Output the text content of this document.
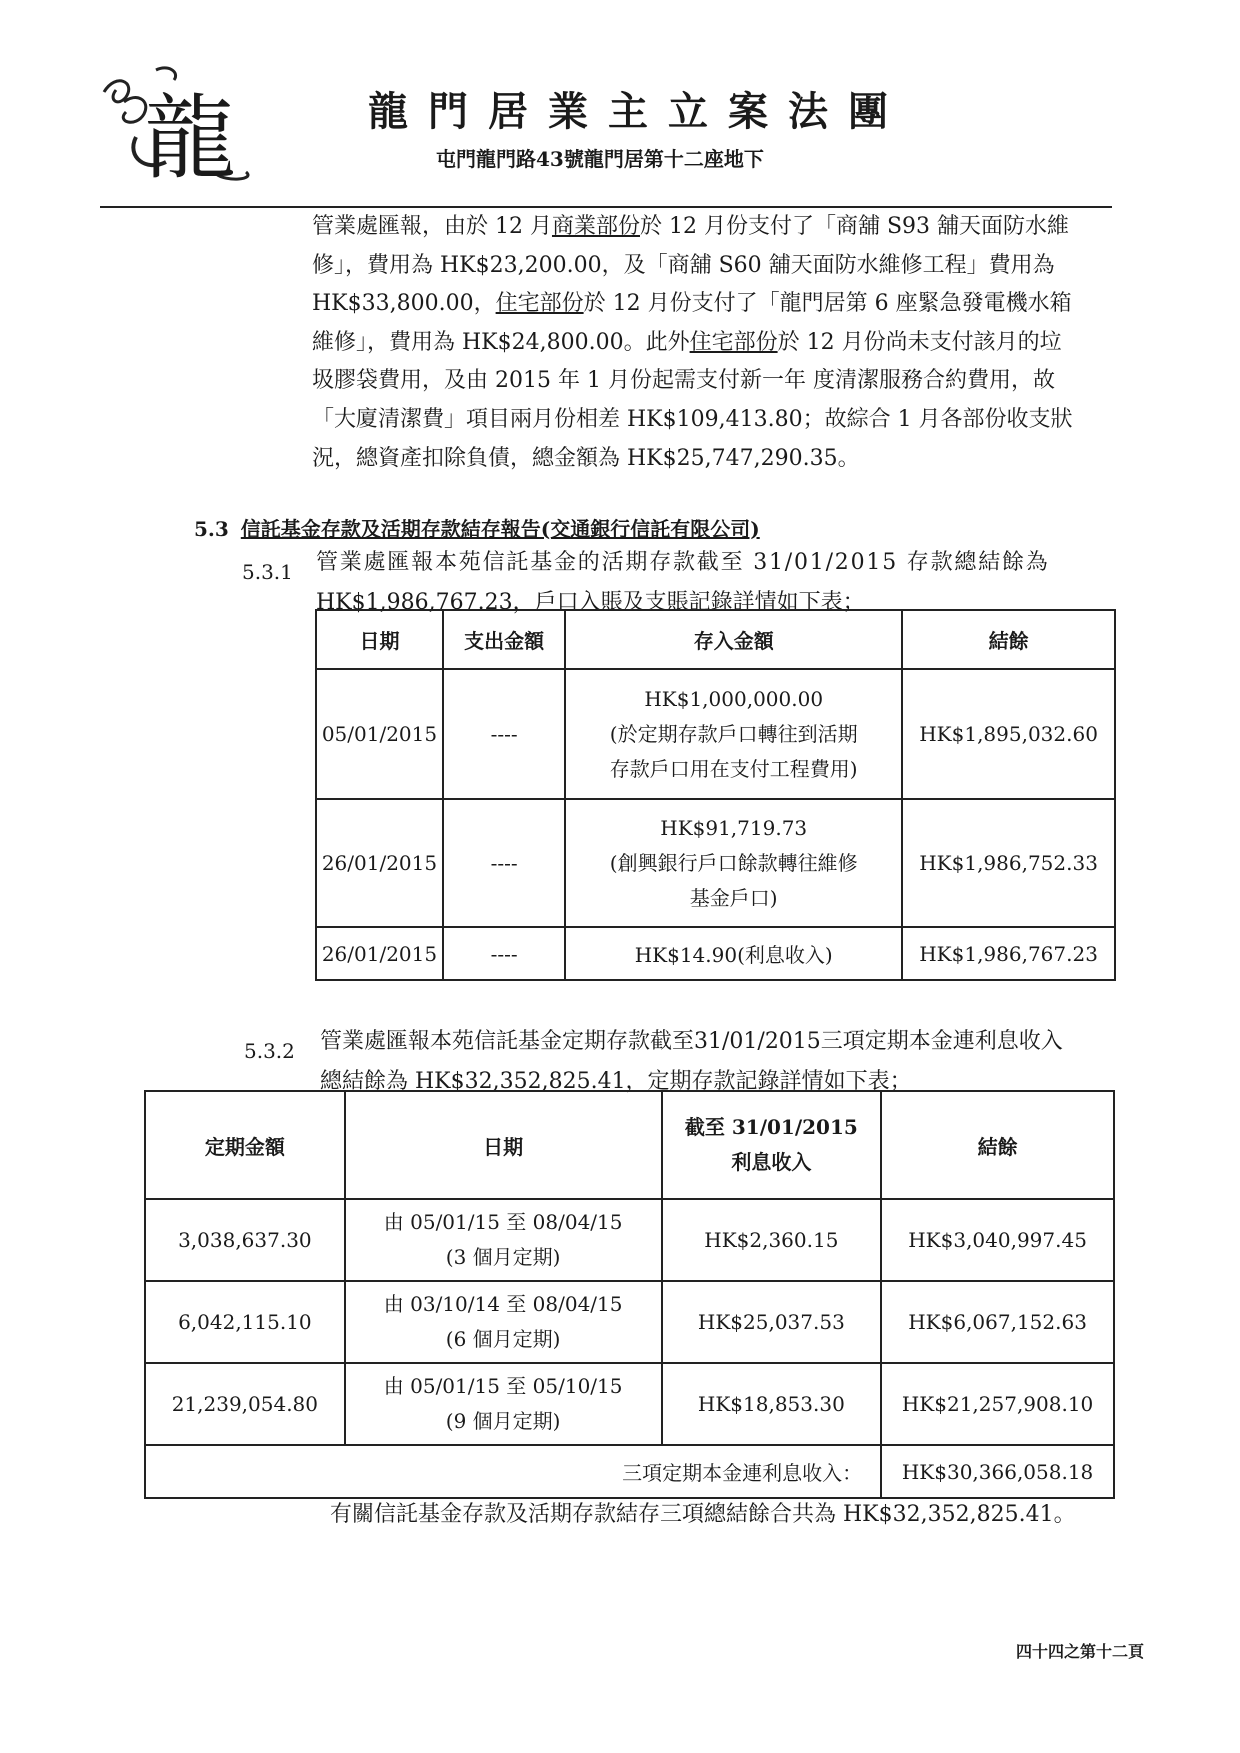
龍	龍門居業主立案法團
屯門龍門路43號龍門居第十二座地下

管業處匯報，由於 12 月商業部份於 12 月份支付了「商舖 S93 舖天面防水維

修」，費用為 HK$23,200.00，及「商舖 S60 舖天面防水維修工程」費用為

HK$33,800.00，住宅部份於 12 月份支付了「龍門居第 6 座緊急發電機水箱

維修」，費用為 HK$24,800.00。此外住宅部份於 12 月份尚未支付該月的垃

圾膠袋費用，及由 2015 年 1 月份起需支付新一年 度清潔服務合約費用，故

「大廈清潔費」項目兩月份相差 HK$109,413.80；故綜合 1 月各部份收支狀

況，總資產扣除負債，總金額為 HK$25,747,290.35。

5.3 信託基金存款及活期存款結存報告(交通銀行信託有限公司)
5.3.1 管業處匯報本苑信託基金的活期存款截至 31/01/2015 存款總結餘為
HK$1,986,767.23，戶口入賬及支賬記錄詳情如下表；
日期	支出金額	存入金額	結餘
05/01/2015	----	HK$1,000,000.00
(於定期存款戶口轉往到活期
存款戶口用在支付工程費用)	HK$1,895,032.60
26/01/2015	----	HK$91,719.73
(創興銀行戶口餘款轉往維修
基金戶口)	HK$1,986,752.33
26/01/2015	----	HK$14.90(利息收入)	HK$1,986,767.23
5.3.2 管業處匯報本苑信託基金定期存款截至31/01/2015三項定期本金連利息收入
總結餘為 HK$32,352,825.41，定期存款記錄詳情如下表；
定期金額	日期	截至 31/01/2015
利息收入	結餘
3,038,637.30	由 05/01/15 至 08/04/15
(3 個月定期)	HK$2,360.15	HK$3,040,997.45
6,042,115.10	由 03/10/14 至 08/04/15
(6 個月定期)	HK$25,037.53	HK$6,067,152.63
21,239,054.80	由 05/01/15 至 05/10/15
(9 個月定期)	HK$18,853.30	HK$21,257,908.10
三項定期本金連利息收入：			HK$30,366,058.18
有關信託基金存款及活期存款結存三項總結餘合共為 HK$32,352,825.41。
四十四之第十二頁
